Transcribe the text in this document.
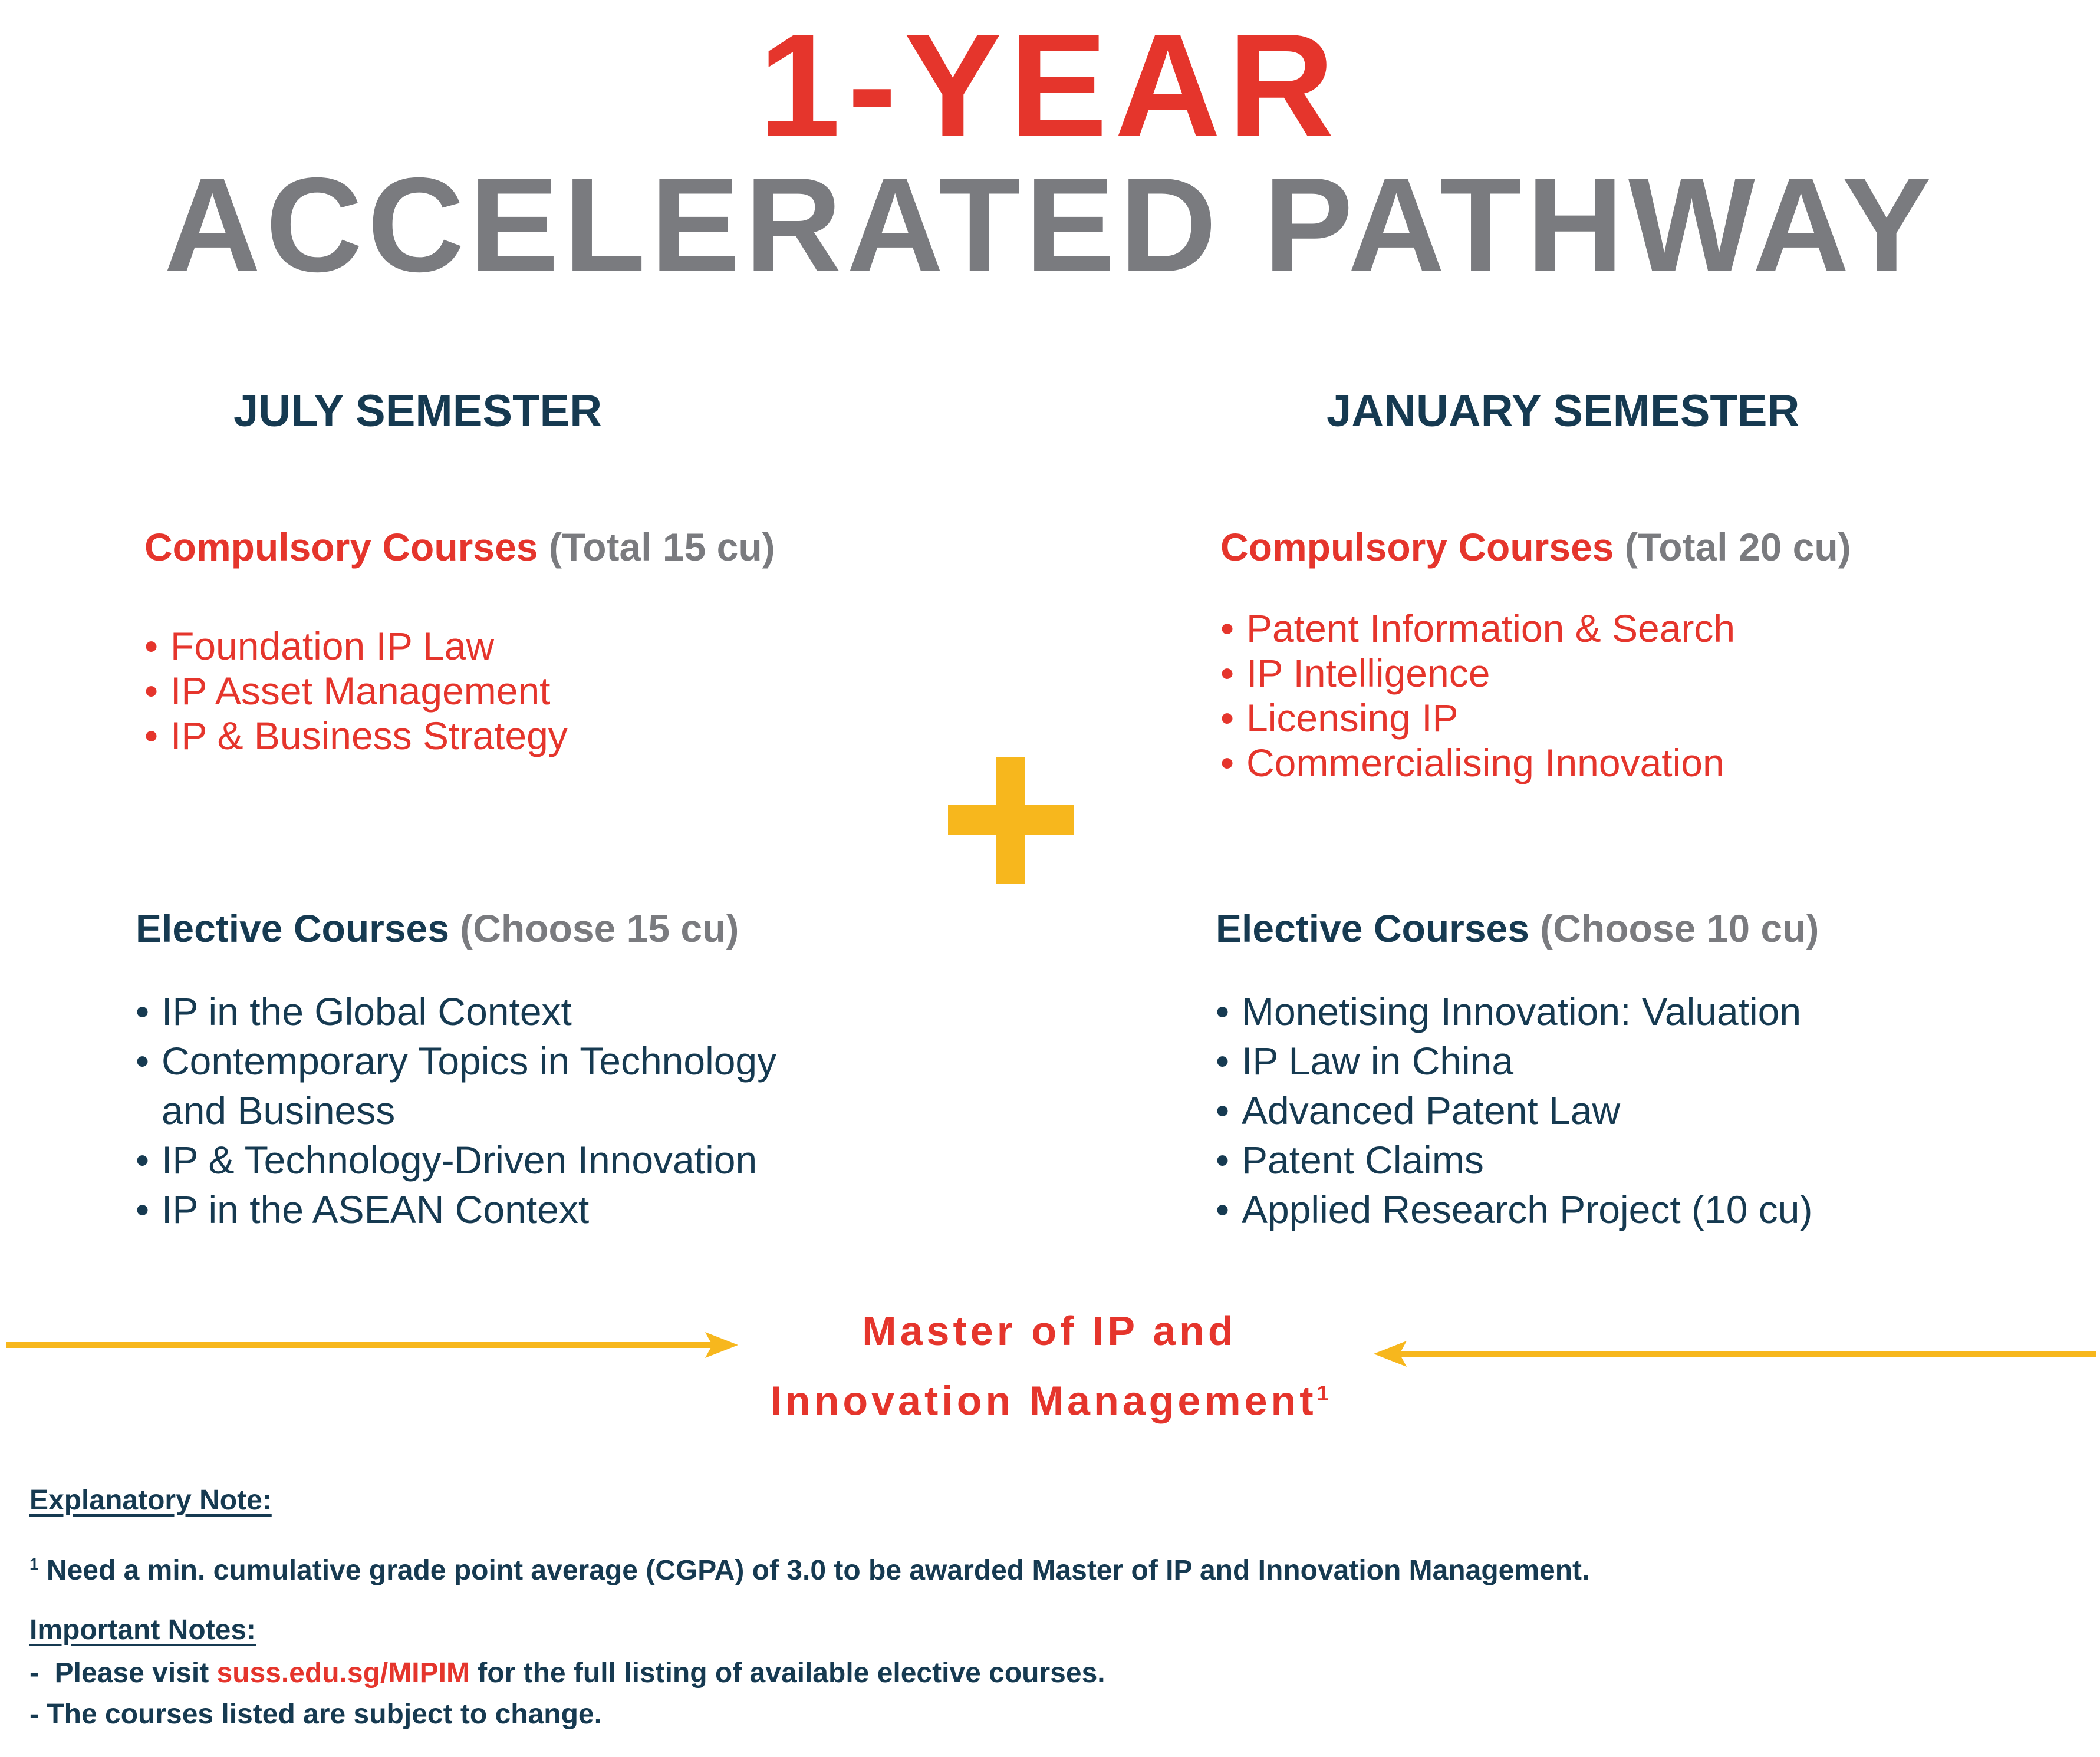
1-YEAR
ACCELERATED PATHWAY
JULY SEMESTER	JANUARY SEMESTER
Compulsory Courses (Total 15 cu)
• Foundation IP Law
• IP Asset Management
• IP & Business Strategy
Compulsory Courses (Total 20 cu)
• Patent Information & Search
• IP Intelligence
• Licensing IP
• Commercialising Innovation
Elective Courses (Choose 15 cu)
• IP in the Global Context
• Contemporary Topics in Technology
and Business
• IP & Technology-Driven Innovation
• IP in the ASEAN Context
Elective Courses (Choose 10 cu)
• Monetising Innovation: Valuation
• IP Law in China
• Advanced Patent Law
• Patent Claims
• Applied Research Project (10 cu)
Master of IP and
Innovation Management$^1$
Explanatory Note:
$^1$ Need a min. cumulative grade point average (CGPA) of 3.0 to be awarded Master of IP and Innovation Management.
Important Notes:
-  Please visit suss.edu.sg/MIPIM for the full listing of available elective courses.
- The courses listed are subject to change.
